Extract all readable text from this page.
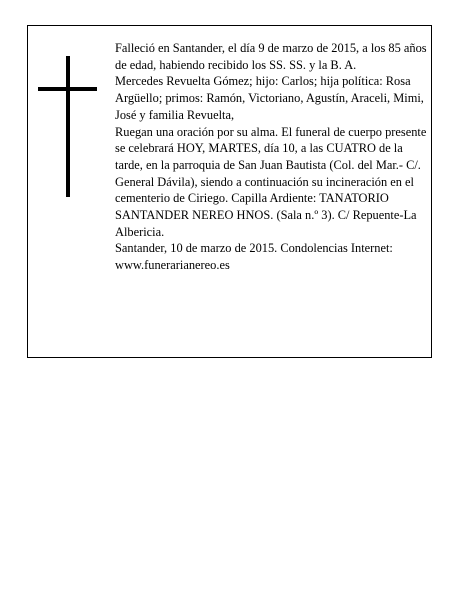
Falleció en Santander, el día 9 de marzo de 2015, a los 85 años de edad, habiendo recibido los SS. SS. y la B. A.

Mercedes Revuelta Gómez; hijo: Carlos; hija política: Rosa Argüello; primos: Ramón, Victoriano, Agustín, Araceli, Mimi, José y familia Revuelta,

Ruegan una oración por su alma. El funeral de cuerpo presente se celebrará HOY, MARTES, día 10, a las CUATRO de la tarde, en la parroquia de San Juan Bautista (Col. del Mar.- C/. General Dávila), siendo a continuación su incineración en el cementerio de Ciriego. Capilla Ardiente: TANATORIO SANTANDER NEREO HNOS. (Sala n.º 3). C/ Repuente-La Albericia.

Santander, 10 de marzo de 2015. Condolencias Internet: www.funerarianereo.es
